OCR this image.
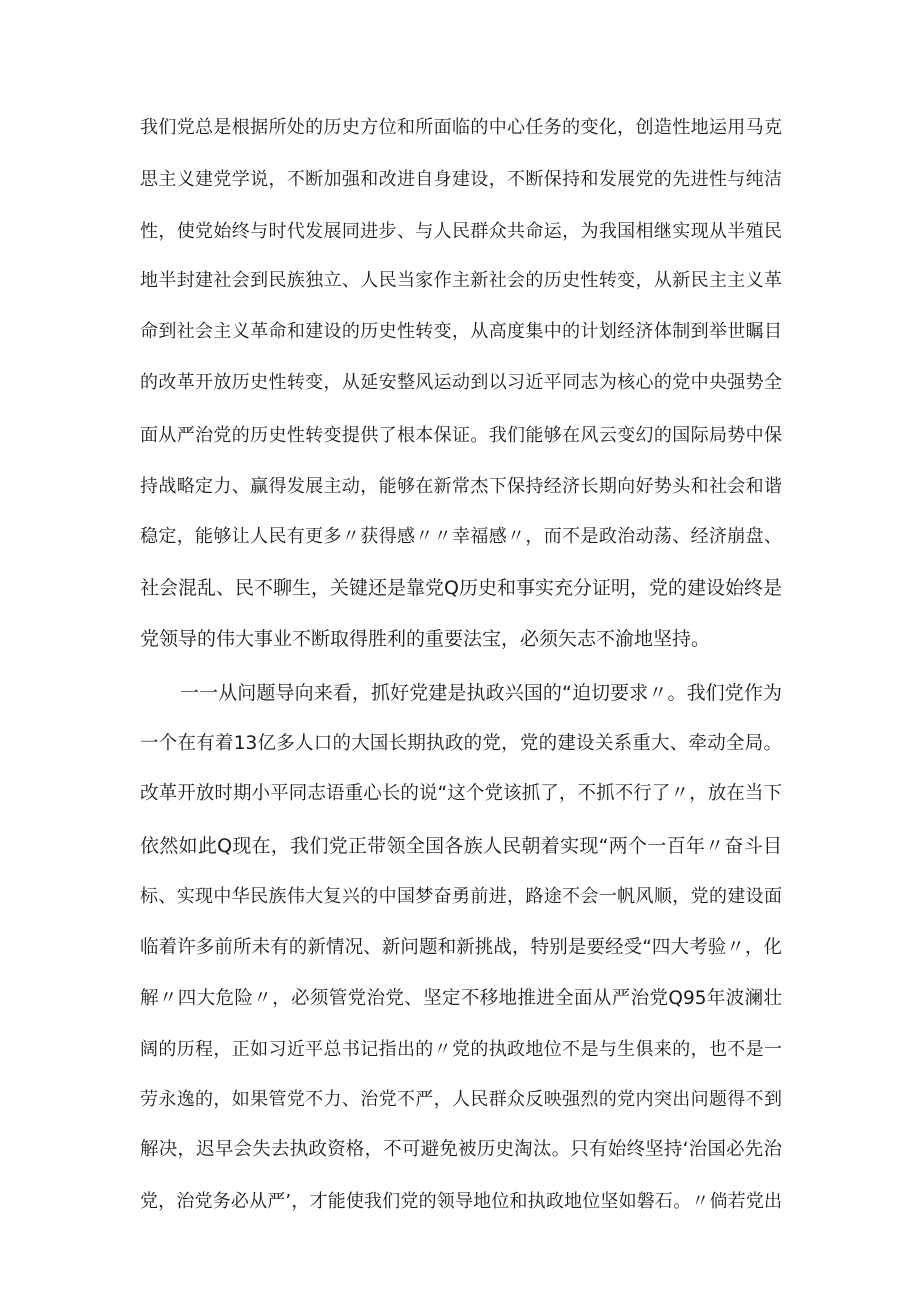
我们党总是根据所处的历史方位和所面临的中心任务的变化，创造性地运用马克
思主义建党学说，不断加强和改进自身建设，不断保持和发展党的先进性与纯洁
性，使党始终与时代发展同进步、与人民群众共命运，为我国相继实现从半殖民
地半封建社会到民族独立、人民当家作主新社会的历史性转变，从新民主主义革
命到社会主义革命和建设的历史性转变，从高度集中的计划经济体制到举世瞩目
的改革开放历史性转变，从延安整风运动到以习近平同志为核心的党中央强势全
面从严治党的历史性转变提供了根本保证。我们能够在风云变幻的国际局势中保
持战略定力、赢得发展主动，能够在新常杰下保持经济长期向好势头和社会和谐
稳定，能够让人民有更多〃获得感〃〃幸福感〃，而不是政治动荡、经济崩盘、
社会混乱、民不聊生，关键还是靠党Q历史和事实充分证明，党的建设始终是
党领导的伟大事业不断取得胜利的重要法宝，必须矢志不渝地坚持。
一一从问题导向来看，抓好党建是执政兴国的“迫切要求〃。我们党作为
一个在有着13亿多人口的大国长期执政的党，党的建设关系重大、牵动全局。
改革开放时期小平同志语重心长的说“这个党该抓了，不抓不行了〃，放在当下
依然如此Q现在，我们党正带领全国各族人民朝着实现“两个一百年〃奋斗目
标、实现中华民族伟大复兴的中国梦奋勇前进，路途不会一帆风顺，党的建设面
临着许多前所未有的新情况、新问题和新挑战，特别是要经受“四大考验〃，化
解〃四大危险〃，必须管党治党、坚定不移地推进全面从严治党Q95年波澜壮
阔的历程，正如习近平总书记指出的〃党的执政地位不是与生俱来的，也不是一
劳永逸的，如果管党不力、治党不严，人民群众反映强烈的党内突出问题得不到
解决，迟早会失去执政资格，不可避免被历史淘汰。只有始终坚持‘治国必先治
党，治党务必从严’，才能使我们党的领导地位和执政地位坚如磐石。〃倘若党出
